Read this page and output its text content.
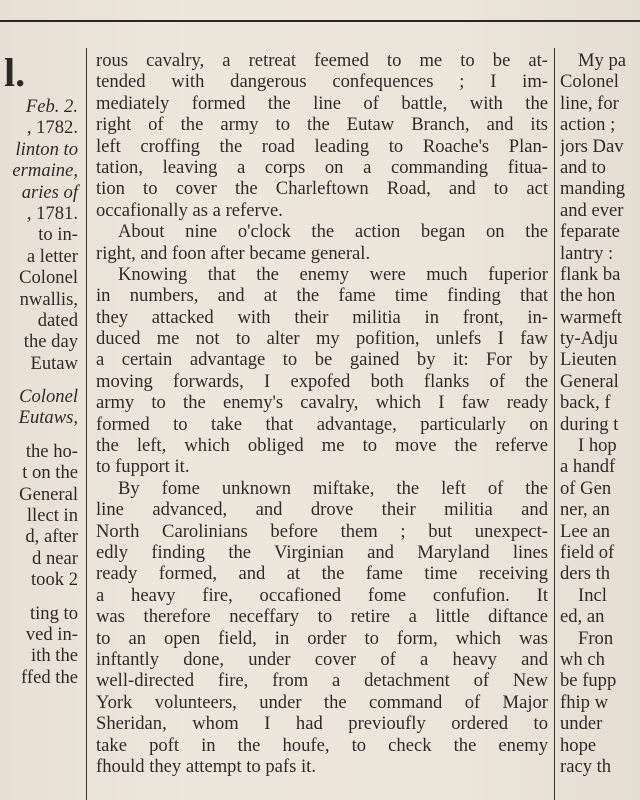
l.
Feb. 2.
, 1782.
linton to
ermaine,
aries of
, 1781.
to in-
a letter
Colonel
nwallis,
dated
the day
Eutaw
Colonel
Eutaws,
the ho-
t on the
General
llect in
d, after
d near
took 2
ting to
ved in-
ith the
ffed the
rous cavalry, a retreat feemed to me to be at-
tended with dangerous confequences ; I im-
mediately formed the line of battle, with the
right of the army to the Eutaw Branch, and its
left croffing the road leading to Roache's Plan-
tation, leaving a corps on a commanding fitua-
tion to cover the Charleftown Road, and to act
occafionally as a referve.
About nine o'clock the action began on the
right, and foon after became general.
Knowing that the enemy were much fuperior
in numbers, and at the fame time finding that
they attacked with their militia in front, in-
duced me not to alter my pofition, unlefs I faw
a certain advantage to be gained by it: For by
moving forwards, I expofed both flanks of the
army to the enemy's cavalry, which I faw ready
formed to take that advantage, particularly on
the left, which obliged me to move the referve
to fupport it.
By fome unknown miftake, the left of the
line advanced, and drove their militia and
North Carolinians before them ; but unexpect-
edly finding the Virginian and Maryland lines
ready formed, and at the fame time receiving
a heavy fire, occafioned fome confufion. It
was therefore neceffary to retire a little diftance
to an open field, in order to form, which was
inftantly done, under cover of a heavy and
well-directed fire, from a detachment of New
York volunteers, under the command of Major
Sheridan, whom I had previoufly ordered to
take poft in the houfe, to check the enemy
fhould they attempt to pafs it.
My pa
Colonel
line, for
action ;
jors Dav
and to
manding
and ever
feparate
lantry :
flank ba
the hon
warmeft
ty-Adju
Lieuten
General
back, f
during t
I hop
a handf
of Gen
ner, an
Lee an
field of
ders th
Incl
ed, an
Fron
wh ch
be fupp
fhip w
under
hope
racy th
